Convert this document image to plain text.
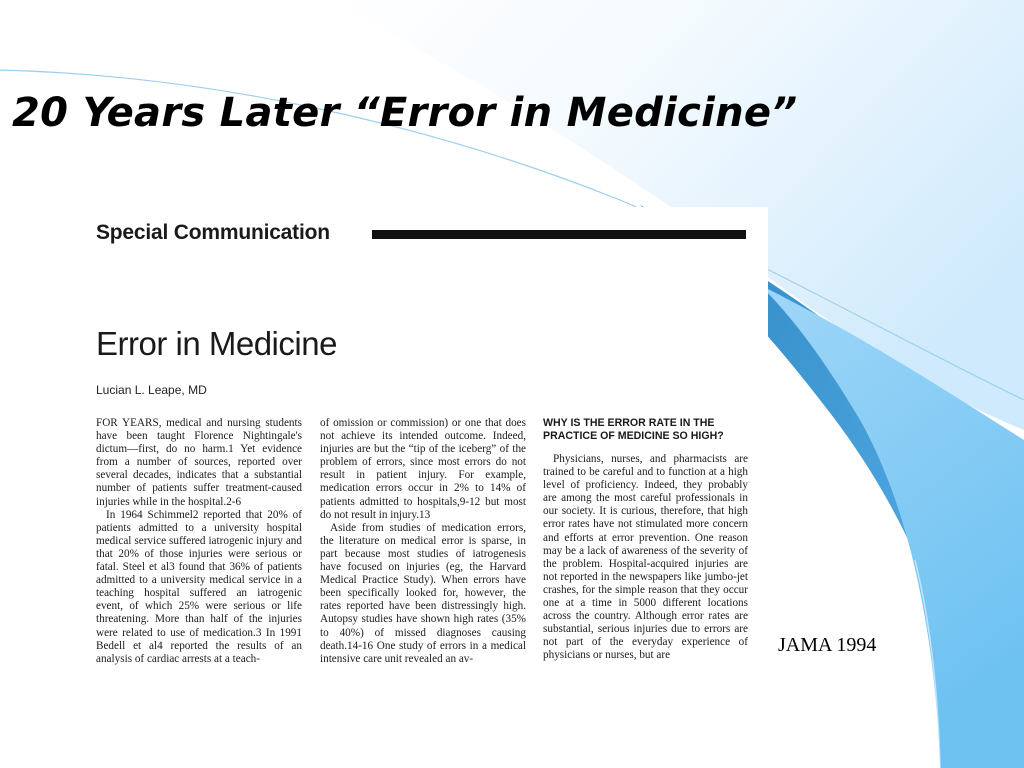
20 Years Later “Error in Medicine”
Special Communication
Error in Medicine
Lucian L. Leape, MD

FOR YEARS, medical and nursing students have been taught Florence Nightingale's dictum—first, do no harm.1 Yet evidence from a number of sources, reported over several decades, indicates that a substantial number of patients suffer treatment-caused injuries while in the hospital.2-6

In 1964 Schimmel2 reported that 20% of patients admitted to a university hospital medical service suffered iatrogenic injury and that 20% of those injuries were serious or fatal. Steel et al3 found that 36% of patients admitted to a university medical service in a teaching hospital suffered an iatrogenic event, of which 25% were serious or life threatening. More than half of the injuries were related to use of medication.3 In 1991 Bedell et al4 reported the results of an analysis of cardiac arrests at a teach-

of omission or commission) or one that does not achieve its intended outcome. Indeed, injuries are but the “tip of the iceberg” of the problem of errors, since most errors do not result in patient injury. For example, medication errors occur in 2% to 14% of patients admitted to hospitals,9-12 but most do not result in injury.13

Aside from studies of medication errors, the literature on medical error is sparse, in part because most studies of iatrogenesis have focused on injuries (eg, the Harvard Medical Practice Study). When errors have been specifically looked for, however, the rates reported have been distressingly high. Autopsy studies have shown high rates (35% to 40%) of missed diagnoses causing death.14-16 One study of errors in a medical intensive care unit revealed an av-

WHY IS THE ERROR RATE IN THE PRACTICE OF MEDICINE SO HIGH?

Physicians, nurses, and pharmacists are trained to be careful and to function at a high level of proficiency. Indeed, they probably are among the most careful professionals in our society. It is curious, therefore, that high error rates have not stimulated more concern and efforts at error prevention. One reason may be a lack of awareness of the severity of the problem. Hospital-acquired injuries are not reported in the newspapers like jumbo-jet crashes, for the simple reason that they occur one at a time in 5000 different locations across the country. Although error rates are substantial, serious injuries due to errors are not part of the everyday experience of physicians or nurses, but are	JAMA 1994
